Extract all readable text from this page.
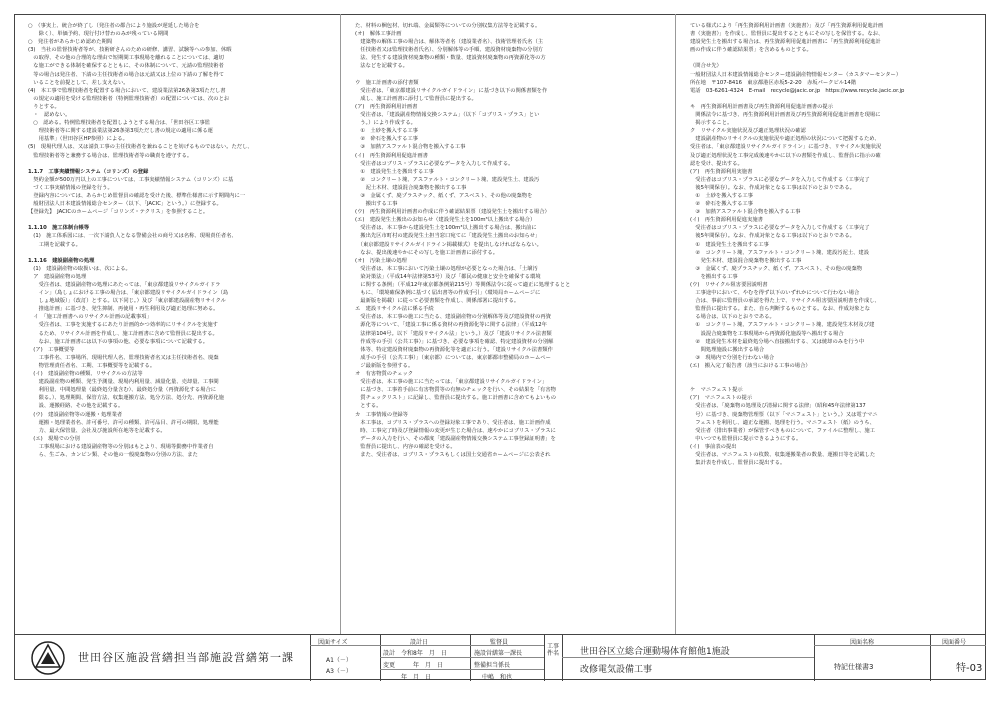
○　（事実上、統合が終了し（発注者の都合により施設が遅延した場合を
　　除く）、単価予約、現行付け替わのみが残っている期間
○　発注者があらかじめ認めた期間
(3)　当社の監督技術者等が、技術研さんのための研修、講習、試験等への参加、休暇
　の取得、その他の合理的な理由で短期間工事現場を離れることについては、適切
　な施工ができる体制を確保するとともに、その体制について、元請の監理技術者
　等の場合は発注者、下請の主任技術者の場合は元請又は上位の下請の了解を得て
　いることを前提として、差し支えない。
(4)　本工事で監理技術者を配置する場合において、建設業法第26条第3項ただし書
　の規定の適用を受ける監理技術者（特例監理技術者）の配置については、次のとお
　りとする。
　・　認めない。
　○　認める。特例監理技術者を配置しようとする場合は、「世田谷区工事監
　　理技術者等に関する建設業法第26条第3項ただし書の規定の適用に係る運
　　用基準」（世田谷区HP参照）による。
(5)　現場代理人は、又は請負工事の主任技術者を兼ねることを妨げるものではない。ただし、
　監理技術者等と兼務する場合は、監理技術者等の職責を遵守する。
1.1.7　工事実績情報システム（コリンズ）の登録
　契約金額が500万円以上の工事については、工事実績情報システム（コリンズ）に基
　づく工事実績情報の登録を行う。
　登録内容については、あらかじめ監督員の確認を受けた後、標準仕様書に示す期間内に一
　般財団法人日本建設情報総合センター（以下、「JACIC」という。）に登録する。
【登録先】　JACICのホームページ「コリンズ・テクリス」を参照すること。
1.1.10　施工体制台帳等
　(1)　施工体系図には、一次下請負人となる警備会社の商号又は名称、現場責任者名、
　　工期を記載する。
1.1.16　建設副産物の処理
　(1)　建設副産物の取扱いは、次による。
　ア　建設副産物の処理
　　受注者は、建設副産物の処理にあたっては、「東京都建設リサイクルガイドラ
　　イン」（島しょにおける工事の場合は、「東京都建設リサイクルガイドライン（島
　　しょ地域版）」（改訂）とする。以下同じ。）及び「東京都建設副産物リサイクル
　　推進計画」に基づき、発生抑制、再使用・再生利用及び適正処理に努める。
　イ　「施工計画書へのリサイクル計画の記載事項」
　　受注者は、工事を実施するにあたり計画的かつ効率的にリサイクルを実施す
　　るため、リサイクル計画を作成し、施工計画書に含めて監督員に提出する。
　　なお、施工計画書には以下の事項の他、必要な事項について記載する。
　(ア)　工事概要等
　　工事件名、工事場所、現場代理人名、監理技術者名又は主任技術者名、廃棄
　　物管理責任者名、工期、工事概要等を記載する。
　(イ)　建設副産物の種類、リサイクルの方法等
　　建設副産物の種類、発生予測量、現場内利用量、減量化量、売却量、工事間
　　利用量、中間処理量（最終処分量含む）、最終処分量（再資源化する場合に
　　限る。）、処理期間、保管方法、収集運搬方法、処分方法、処分先、再資源化施
　　設、運搬経路、その他を記載する。
　(ウ)　建設副産物等の運搬・処理業者
　　運搬・処理業者名、許可番号、許可の種類、許可品目、許可の期限、処理能
　　力、最大保管量、会社及び施設所在地等を記載する。
　(エ)　現場での分別
　　工事現場における建設副産物等の分別はもとより、現場等勤務中作業者自
　　ら、生ごみ、カンビン類、その他の一般廃棄物の分別の方法、また
た、材料の梱包材、切れ端、金属類等についての分別収集方法等を記載する。
(オ)　解体工事計画
　建築物の解体工事の場合は、解体等者名（建設業者名）、技術管理者氏名（主
　任技術者又は監理技術者氏名）、分別解体等の手順、建設資材廃棄物の分別方
　法、発生する建設資材廃棄物の種類・数量、建設資材廃棄物の再資源化等の方
　法などを記載する。
ウ　施工計画書の添付書類
　受注者は、「東京都建設リサイクルガイドライン」に基づき以下の関係書類を作
　成し、施工計画書に添付して監督員に提出する。
(ア)　再生資源利用計画書
　受注者は、「建設副産物情報交換システム」（以下「コブリス・プラス」とい
　う。）により作成する。
　①　土砂を搬入する工事
　②　砕石を搬入する工事
　③　加熱アスファルト混合物を搬入する工事
(イ)　再生資源利用促進計画書
　受注者はコブリス・プラスに必要なデータを入力して作成する。
　①　建設発生土を搬出する工事
　②　コンクリート塊、アスファルト・コンクリート塊、建設発生土、建設汚
　　泥土木材、建設混合廃棄物を搬出する工事
　③　金属くず、廃プラスチック、紙くず、アスベスト、その他の廃棄物を
　　搬出する工事
(ウ)　再生資源利用計画書の作成に伴う確認結果票（建設発生土を搬出する場合）
(エ)　建設発生土搬出のお知らせ（建設発生土を100m³以上搬出する場合）
　受注者は、本工事から建設発生土を100m³以上搬出する場合は、搬出前に
　搬出先区市町村の建設発生土担当窓口宛てに「建設発生土搬出のお知らせ」
　（東京都建設リサイクルガイドライン掲載様式）を提出しなければならない。
　なお、提出後速やかにその写しを施工計画書に添付する。
(オ)　汚染土壌の処理
　受注者は、本工事において汚染土壌の処理が必要となった場合は、「土壌汚
　染対策法」（平成14年法律第53号）及び「都民の健康と安全を確保する環境
　に関する条例」（平成12年東京都条例第215号）等関係法令に従って適正に処理するとと
　もに、「環境確保条例に基づく届出書等の作成手引」（環境局ホームページに
　最新版を掲載）に従って必要書類を作成し、関係部署に提出する。
エ　建設リサイクル法に係る手続
　受注者は、本工事の施工に当たる、建設副産物の分別解体等及び建設資材の再資
　源化等について、「建設工事に係る資材の再資源化等に関する法律」（平成12年
　法律第104号。以下「建設リサイクル法」という。）及び「建設リサイクル法書類
　作成等の手引（公共工事）」に基づき、必要な事項を確認、特定建設資材の分別解
　体等、特定建設資材廃棄物の再資源化等を適正に行う。「建設リサイクル法書類作
　成手の手引（公共工事）」（東京都）については、東京都都市整備局のホームペー
　ジ最新版を参照する。
オ　有害物質のチェック
　受注者は、本工事の施工に当たっては、「東京都建設リサイクルガイドライン」
　に基づき、工事着手前に有害物質等の有無のチェックを行い、その結果を「有害物
　質チェックリスト」に記録し、監督員に提出する。施工計画書に含めてもよいもの
　とする。
カ　工事情報の登録等
　本工事は、コブリス・プラスへの登録対象工事であり、受注者は、施工計画作成
　時、工事完了時及び登録情報の変更が生じた場合は、速やかにコブリス・プラスに
　データの入力を行い、その都度「建設副産物情報交換システム工事登録証明書」を
　監督員に提出し、内容の確認を受ける。
　また、受注者は、コブリス・プラスもしくは国土交通省ホームページに公表され
ている様式により「再生資源利用計画書（実施書）」及び「再生資源利用促進計画
書（実施書）」を作成し、監督員に提出するとともにその写しを保管する。なお、
建設発生土を搬出する場合は、再生資源利用促進計画書に「再生資源利用促進計
画の作成に伴う確認結果票」を含めるものとする。
（問合せ先）
一般財団法人日本建設情報総合センター建設副産物情報センター（カスタマーセンター）
所在地　〒107-8416　東京都港区赤坂5-2-20　赤坂パークビル14階
電話　03-6261-4324　E-mail　recycle@jacic.or.jp　https://www.recycle.jacic.or.jp
キ　再生資源利用計画書及び再生資源利用促進計画書の提示
　関係法令に基づき、再生資源利用計画書及び再生資源利用促進計画書を現場に
　掲示すること。
ク　リサイクル実施状況及び適正処理状況の確認
　建設副産物のリサイクルの実施状況や適正処理の状況について把握するため、
受注者は、「東京都建設リサイクルガイドライン」に基づき、リサイクル実施状況
及び適正処理状況を工事完成後速やかに以下の書類を作成し、監督員に指示の確
認を受け、提出する。
(ア)　再生資源利用実施書
　受注者はコブリス・プラスに必要なデータを入力して作成する（工事完了
　後5年間保存）。なお、作成対象となる工事は以下のとおりである。
　①　土砂を搬入する工事
　②　砕石を搬入する工事
　③　加熱アスファルト混合物を搬入する工事
(イ)　再生資源利用促進実施書
　受注者はコブリス・プラスに必要なデータを入力して作成する（工事完了
　後5年間保存）。なお、作成対象となる工事は以下のとおりである。
　①　建設発生土を搬出する工事
　②　コンクリート塊、アスファルト・コンクリート塊、建設汚泥土、建設
　　発生木材、建設混合廃棄物を搬出する工事
　③　金属くず、廃プラスチック、紙くず、アスベスト、その他の廃棄物
　　を搬出する工事
(ウ)　リサイクル阻害要因説明書
　工事途中において、やむを得ず以下のいずれかについて行わない場合
　合は、事前に監督員の承認を得た上で、リサイクル阻害要因説明書を作成し、
　監督員に提出する。また、自ら判断するものとする。なお、作成対象とな
　る場合は、以下のとおりである。
　①　コンクリート塊、アスファルト・コンクリート塊、建設発生木材及び建
　　設混合廃棄物を工事現場から再資源化施設等へ搬出する場合
　②　建設発生木材を最終処分場へ直接搬出する、又は焼却のみを行う中
　　間処理施設に搬出する場合
　③　現場内で分別を行わない場合
(エ)　搬入完了報告書（該当における工事の場合）
ケ　マニフェスト提示
(ア)　マニフェストの提示
　受注者は、「廃棄物の処理及び清掃に関する法律」（昭和45年法律第137
　号）に基づき、廃棄物管理票（以下「マニフェスト」という。）又は電子マニ
　フェストを利用し、適正な運搬、処理を行う。マニフェスト（紙）のうち、
　受注者（排出事業者）が保管すべきものについて、ファイルに整理し、施工
　中いつでも監督員に提示できるようにする。
(イ)　事前表の提出
　受注者は、マニフェストの枚数、収集運搬業者の数量、運搬日等を記載した
　集計表を作成し、監督員に提出する。
世田谷区施設営繕担当部施設営繕第一課
図面サイズ
A1（－）
A3（－）
設計日	監督員
設計　令和8年　月　日
変更　　　年　月　日
　　　年　月　日
施設営繕第一課長
整備担当係長
中嶋　和也
工事件名 世田谷区立総合運動場体育館他1施設
改修電気設備工事
図面名称
特記仕様書3
図面番号
特-03
